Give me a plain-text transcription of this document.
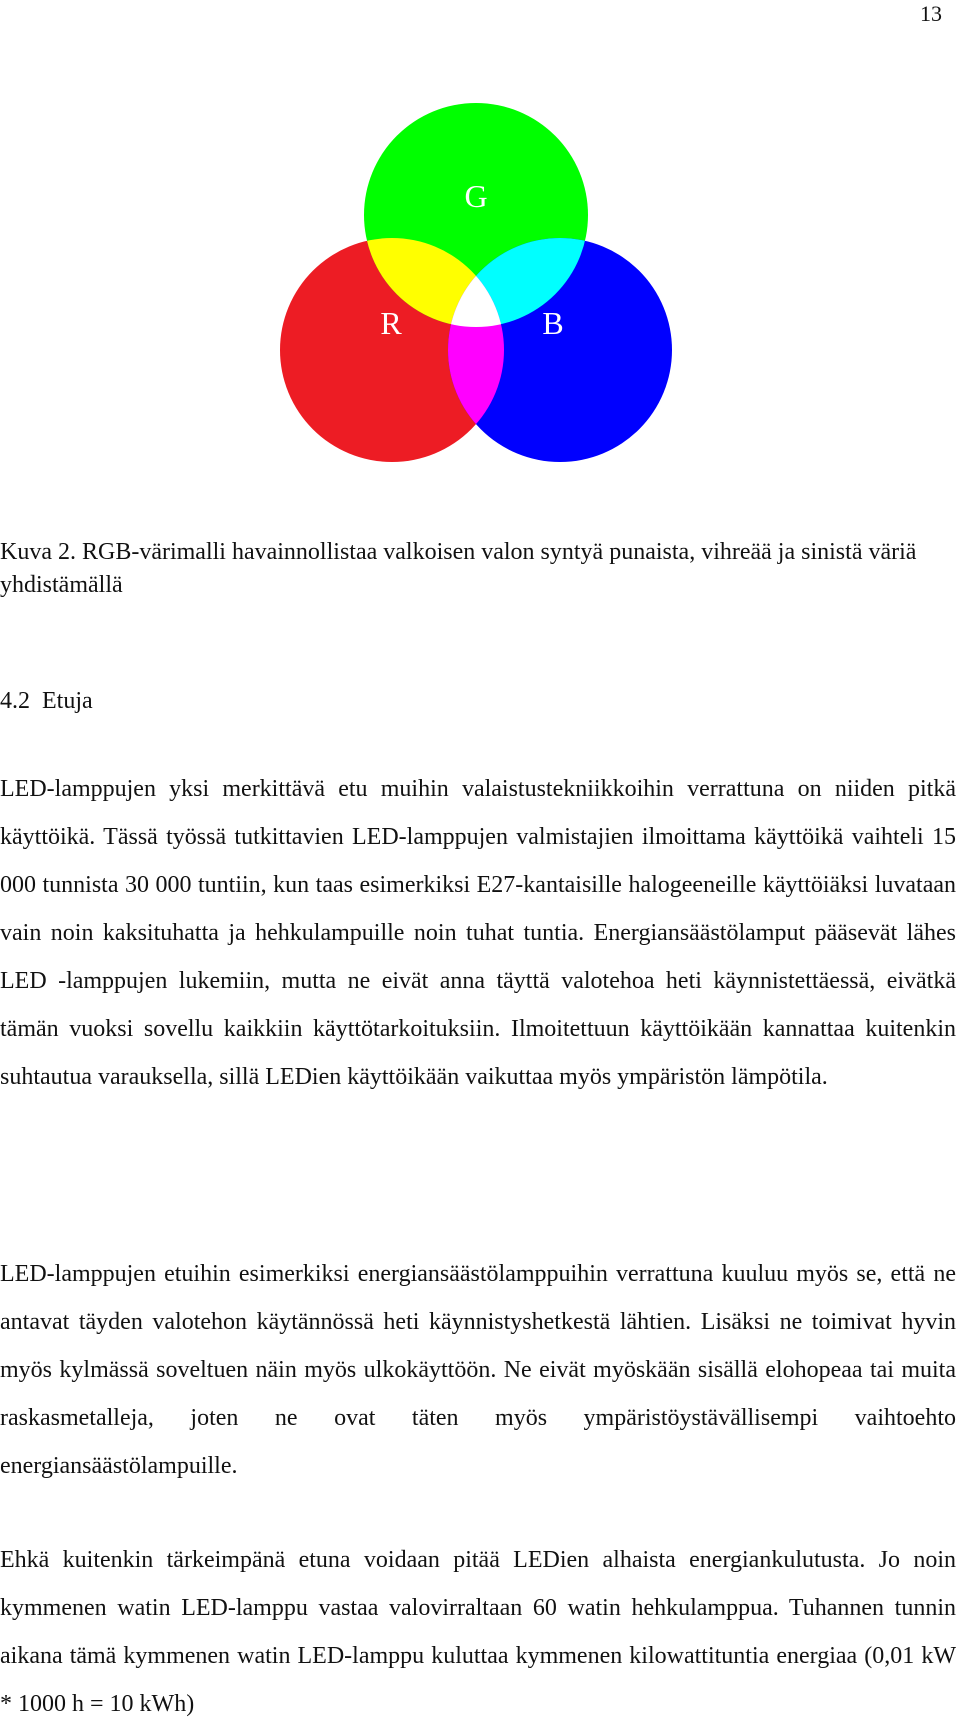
13
G
R	B

Kuva 2. RGB-värimalli havainnollistaa valkoisen valon syntyä punaista, vihreää ja sinistä väriä yhdistämällä

4.2 Etuja

LED-lamppujen yksi merkittävä etu muihin valaistustekniikkoihin verrattuna on niiden pitkä käyttöikä. Tässä työssä tutkittavien LED-lamppujen valmistajien ilmoittama käyttöikä vaihteli 15 000 tunnista 30 000 tuntiin, kun taas esimerkiksi E27-kantaisille halogeeneille käyttöiäksi luvataan vain noin kaksituhatta ja hehkulampuille noin tuhat tuntia. Energiansäästölamput pääsevät lähes LED -lamppujen lukemiin, mutta ne eivät anna täyttä valotehoa heti käynnistettäessä, eivätkä tämän vuoksi sovellu kaikkiin käyttötarkoituksiin. Ilmoitettuun käyttöikään kannattaa kuitenkin suhtautua varauksella, sillä LEDien käyttöikään vaikuttaa myös ympäristön lämpötila.

LED-lamppujen etuihin esimerkiksi energiansäästölamppuihin verrattuna kuuluu myös se, että ne antavat täyden valotehon käytännössä heti käynnistyshetkestä lähtien. Lisäksi ne toimivat hyvin myös kylmässä soveltuen näin myös ulkokäyttöön. Ne eivät myöskään sisällä elohopeaa tai muita raskasmetalleja, joten ne ovat täten myös ympäristöystävällisempi vaihtoehto energiansäästölampuille.

Ehkä kuitenkin tärkeimpänä etuna voidaan pitää LEDien alhaista energiankulutusta. Jo noin kymmenen watin LED-lamppu vastaa valovirraltaan 60 watin hehkulamppua. Tuhannen tunnin aikana tämä kymmenen watin LED-lamppu kuluttaa kymmenen kilowattituntia energiaa (0,01 kW * 1000 h = 10 kWh)
